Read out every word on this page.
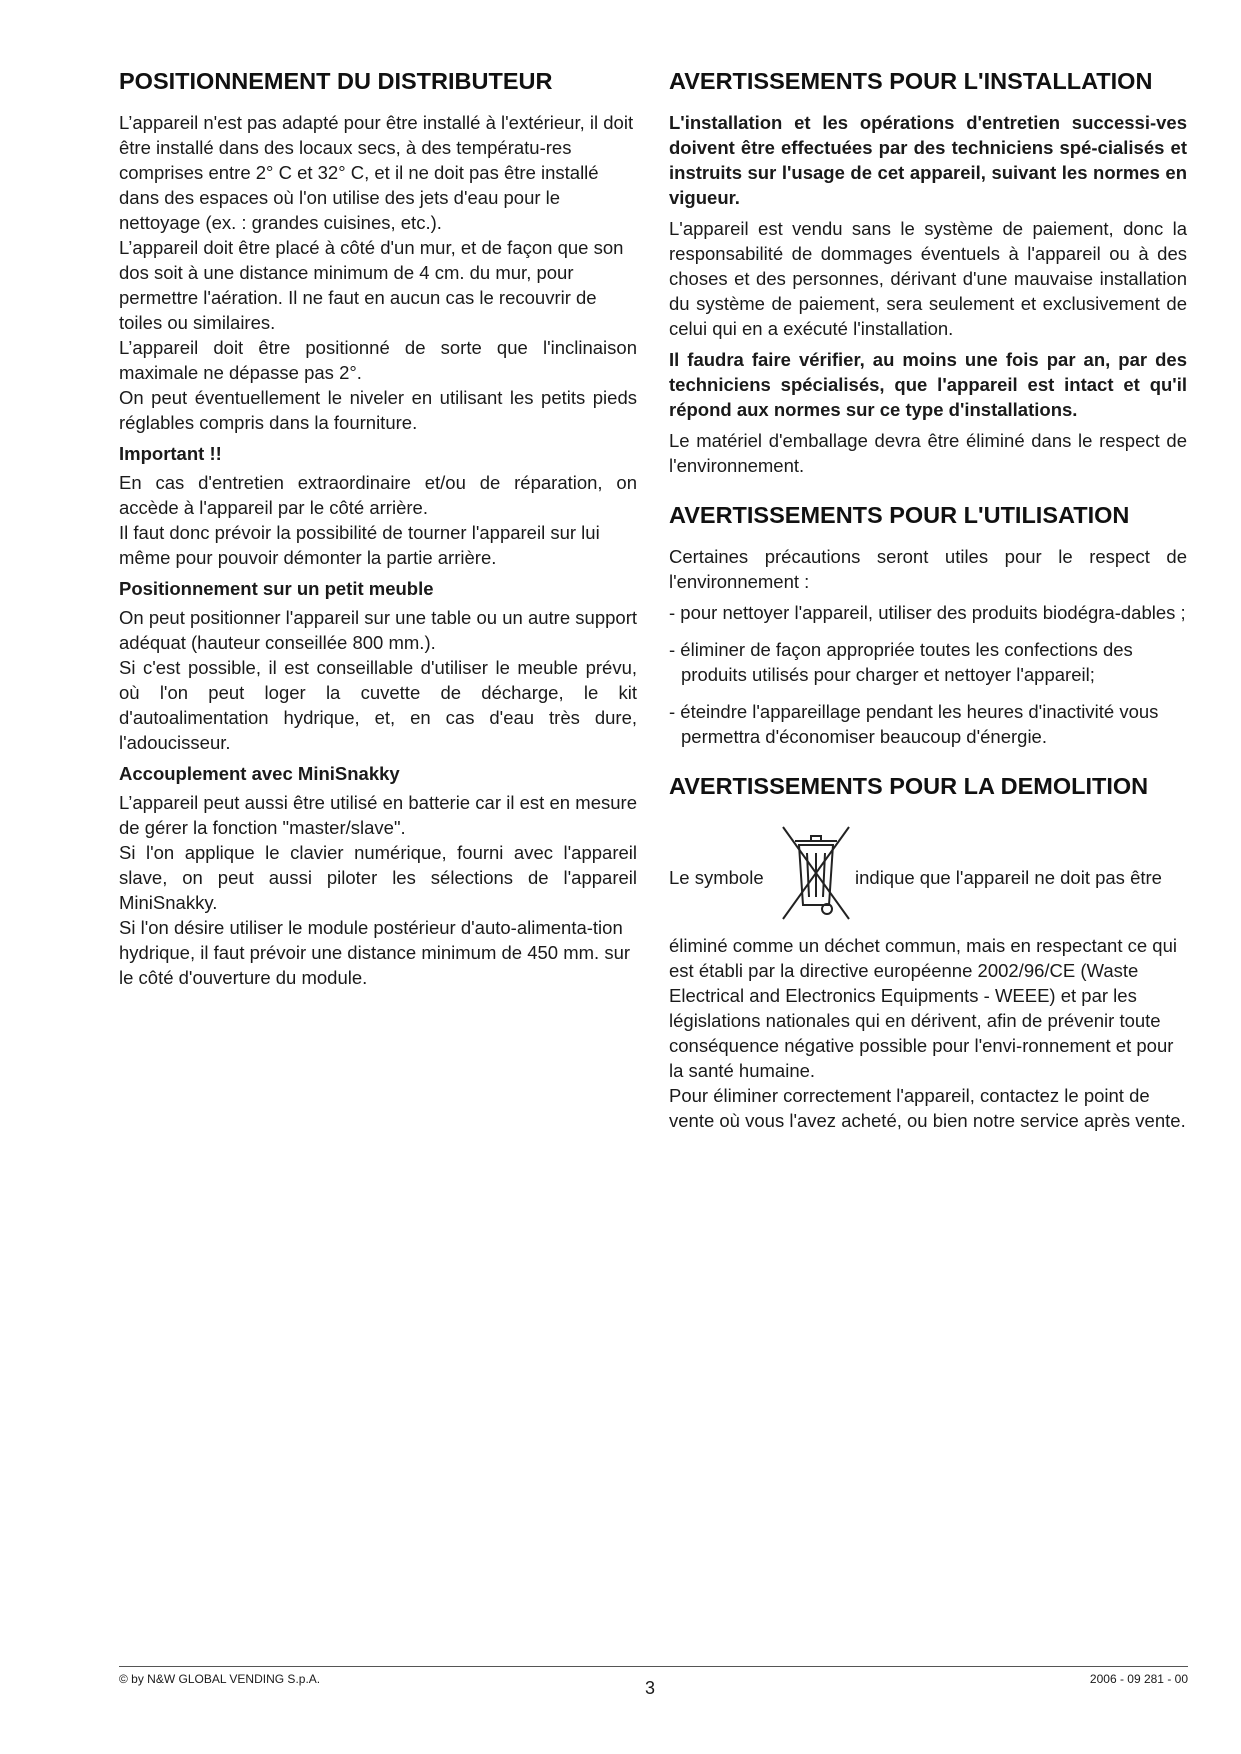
POSITIONNEMENT DU DISTRIBUTEUR

L’appareil n'est pas adapté pour être installé à l'extérieur, il doit être installé dans des locaux secs, à des températu-res comprises entre 2° C et 32° C, et il ne doit pas être installé dans des espaces où l'on utilise des jets d'eau pour le nettoyage (ex. : grandes cuisines, etc.).

L’appareil doit être placé à côté d'un mur, et de façon que son dos soit à une distance minimum de 4 cm. du mur, pour permettre l'aération. Il ne faut en aucun cas le recouvrir de toiles ou similaires.

L’appareil doit être positionné de sorte que l'inclinaison maximale ne dépasse pas 2°.

On peut éventuellement le niveler en utilisant les petits pieds réglables compris dans la fourniture.

Important !!

En cas d'entretien extraordinaire et/ou de réparation, on accède à l'appareil par le côté arrière.

Il faut donc prévoir la possibilité de tourner l'appareil sur lui même pour pouvoir démonter la partie arrière.

Positionnement sur un petit meuble

On peut positionner l'appareil sur une table ou un autre support adéquat (hauteur conseillée 800 mm.).

Si c'est possible, il est conseillable d'utiliser le meuble prévu, où l'on peut loger la cuvette de décharge, le kit d'autoalimentation hydrique, et, en cas d'eau très dure, l'adoucisseur.

Accouplement avec MiniSnakky

L’appareil peut aussi être utilisé en batterie car il est en mesure de gérer la fonction "master/slave".

Si l'on applique le clavier numérique, fourni avec l'appareil slave, on peut aussi piloter les sélections de l'appareil MiniSnakky.

Si l'on désire utiliser le module postérieur d'auto-alimenta-tion hydrique, il faut prévoir une distance minimum de 450 mm. sur le côté d'ouverture du module.

AVERTISSEMENTS POUR L'INSTALLATION

L'installation et les opérations d'entretien successi-ves doivent être effectuées par des techniciens spé-cialisés et instruits sur l'usage de cet appareil, suivant les normes en vigueur.

L'appareil est vendu sans le système de paiement, donc la responsabilité de dommages éventuels à l'appareil ou à des choses et des personnes, dérivant d'une mauvaise installation du système de paiement, sera seulement et exclusivement de celui qui en a exécuté l'installation.

Il faudra faire vérifier, au moins une fois par an, par des techniciens spécialisés, que l'appareil est intact et qu'il répond aux normes sur ce type d'installations.

Le matériel d'emballage devra être éliminé dans le respect de l'environnement.

AVERTISSEMENTS POUR L'UTILISATION

Certaines précautions seront utiles pour le respect de l'environnement :

- pour nettoyer l'appareil, utiliser des produits biodégra-dables ;
- éliminer de façon appropriée toutes les confections des produits utilisés pour charger et nettoyer l'appareil;
- éteindre l'appareillage pendant les heures d'inactivité vous permettra d'économiser beaucoup d'énergie.
AVERTISSEMENTS POUR LA DEMOLITION
Le symbole	indique que l'appareil ne doit pas être

éliminé comme un déchet commun, mais en respectant ce qui est établi par la directive européenne 2002/96/CE (Waste Electrical and Electronics Equipments - WEEE) et par les législations nationales qui en dérivent, afin de prévenir toute conséquence négative possible pour l'envi-ronnement et pour la santé humaine.

Pour éliminer correctement l'appareil, contactez le point de vente où vous l'avez acheté, ou bien notre service après vente.

© by N&W GLOBAL VENDING S.p.A.	3	2006 - 09 281 - 00
